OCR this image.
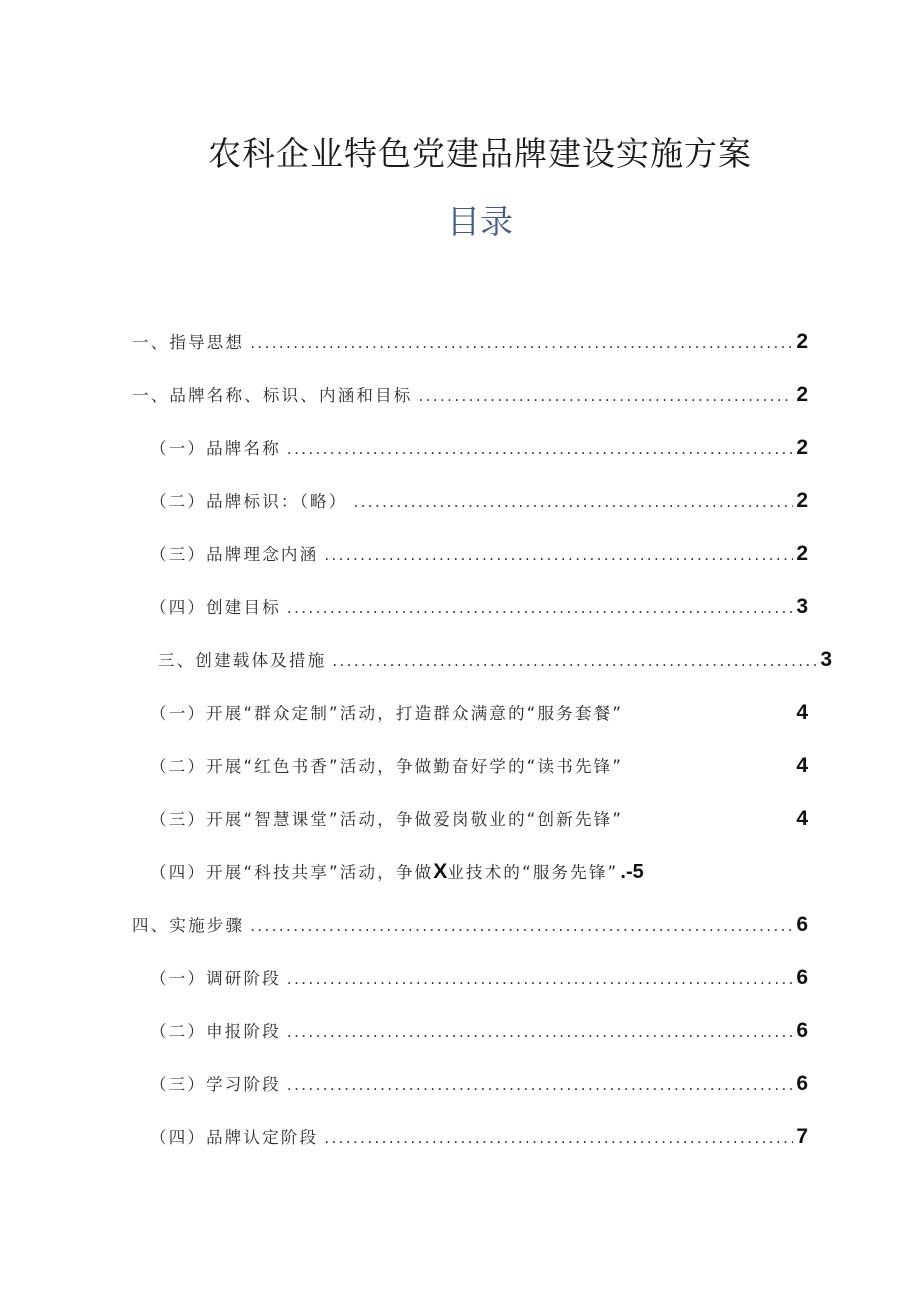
农科企业特色党建品牌建设实施方案
目录
一、指导思想 .....	2
一、品牌名称、标识、内涵和目标 .....	2
（一）品牌名称 .....	2
（二）品牌标识：（略） .....	2
（三）品牌理念内涵 .....	2
（四）创建目标 .....	3
三、创建载体及措施 .....	3
（一）开展“群众定制”活动，打造群众满意的“服务套餐”	4
（二）开展“红色书香”活动，争做勤奋好学的“读书先锋”	4
（三）开展“智慧课堂”活动，争做爱岗敬业的“创新先锋”	4
（四）开展“科技共享”活动，争做X业技术的“服务先锋” .-5
四、实施步骤 .....	6
（一）调研阶段 .....	6
（二）申报阶段 .....	6
（三）学习阶段 .....	6
（四）品牌认定阶段 .....	7
